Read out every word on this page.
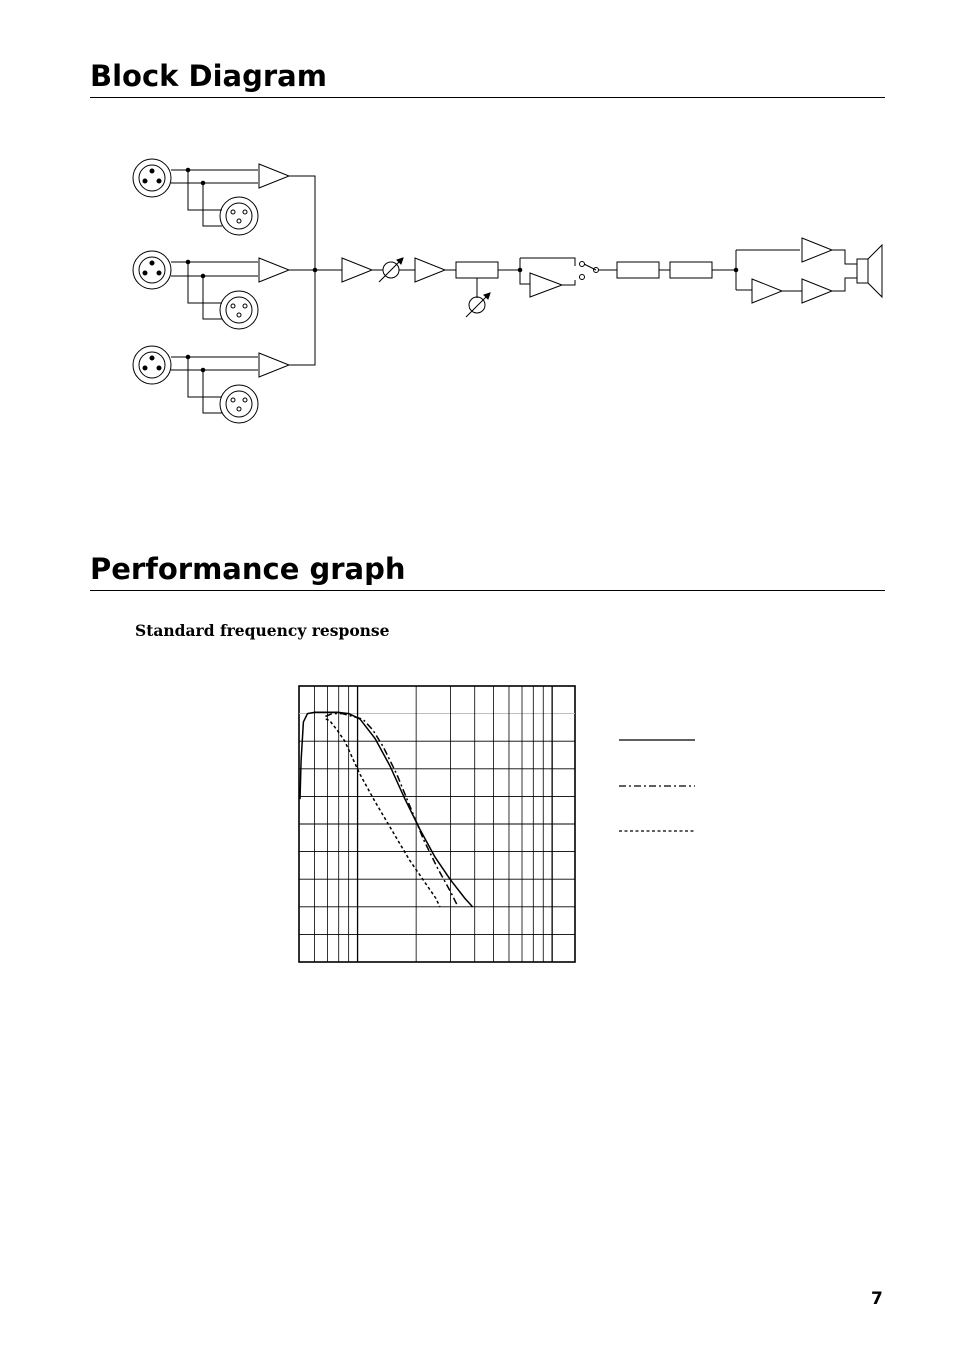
Block Diagram
Performance graph
Standard frequency response
7
